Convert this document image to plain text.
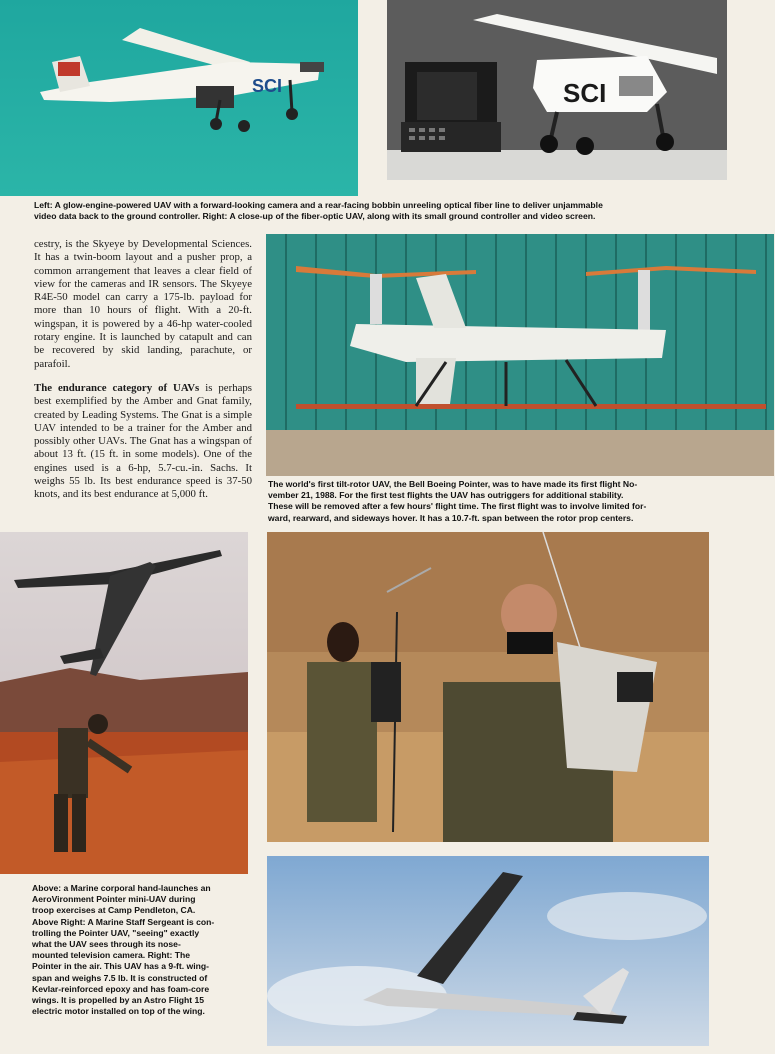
SCI	SCI
Left: A glow-engine-powered UAV with a forward-looking camera and a rear-facing bobbin unreeling optical fiber line to deliver unjammable
video data back to the ground controller. Right: A close-up of the fiber-optic UAV, along with its small ground controller and video screen.

cestry, is the Skyeye by Developmental Sciences. It has a twin-boom layout and a pusher prop, a common arrangement that leaves a clear field of view for the cameras and IR sensors. The Skyeye R4E-50 model can carry a 175-lb. payload for more than 10 hours of flight. With a 20-ft. wingspan, it is powered by a 46-hp water-cooled rotary engine. It is launched by catapult and can be recovered by skid landing, parachute, or parafoil.

The endurance category of UAVs is perhaps best exemplified by the Amber and Gnat family, created by Leading Systems. The Gnat is a simple UAV intended to be a trainer for the Amber and possibly other UAVs. The Gnat has a wingspan of about 13 ft. (15 ft. in some models). One of the engines used is a 6-hp, 5.7-cu.-in. Sachs. It weighs 55 lb. Its best endurance speed is 37-50 knots, and its best endurance at 5,000 ft.

The world's first tilt-rotor UAV, the Bell Boeing Pointer, was to have made its first flight No-
vember 21, 1988. For the first test flights the UAV has outriggers for additional stability.
These will be removed after a few hours' flight time. The first flight was to involve limited for-
ward, rearward, and sideways hover. It has a 10.7-ft. span between the rotor prop centers.
Above: a Marine corporal hand-launches an
AeroVironment Pointer mini-UAV during
troop exercises at Camp Pendleton, CA.
Above Right: A Marine Staff Sergeant is con-
trolling the Pointer UAV, "seeing" exactly
what the UAV sees through its nose-
mounted television camera. Right: The
Pointer in the air. This UAV has a 9-ft. wing-
span and weighs 7.5 lb. It is constructed of
Kevlar-reinforced epoxy and has foam-core
wings. It is propelled by an Astro Flight 15
electric motor installed on top of the wing.
